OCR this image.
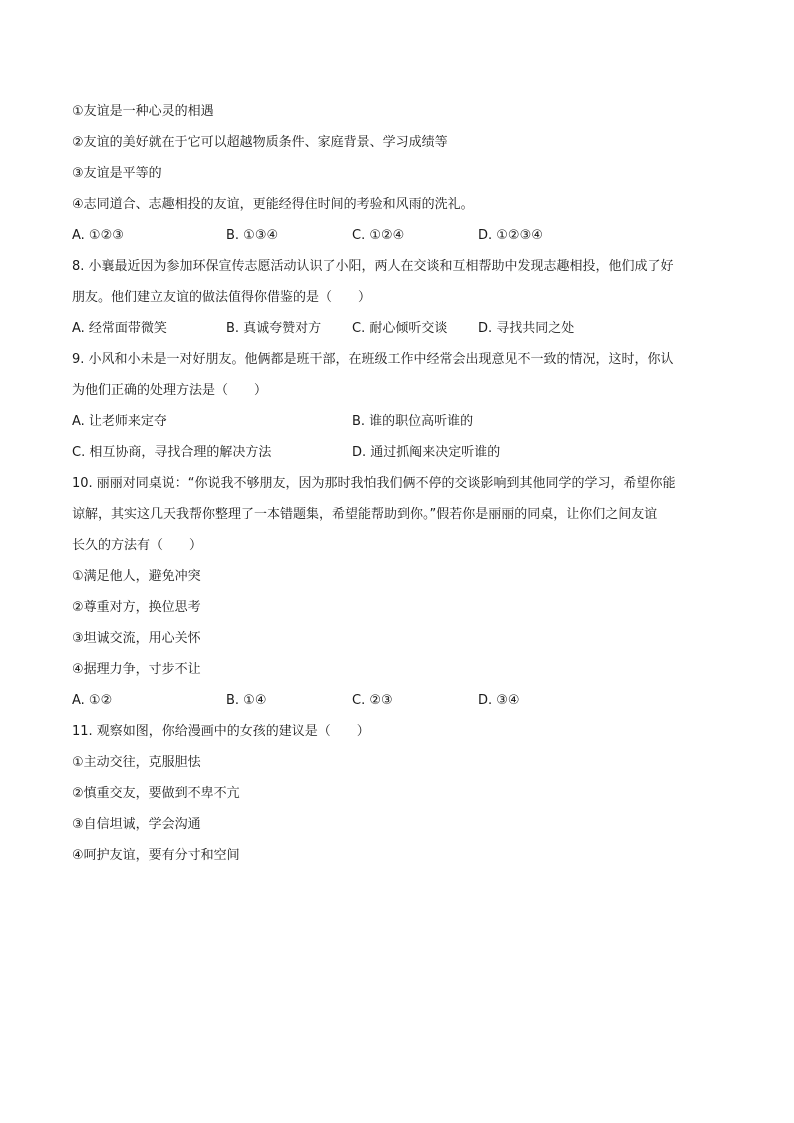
①友谊是一种心灵的相遇
②友谊的美好就在于它可以超越物质条件、家庭背景、学习成绩等
③友谊是平等的
④志同道合、志趣相投的友谊，更能经得住时间的考验和风雨的洗礼。
A. ①②③	B. ①③④	C. ①②④	D. ①②③④
8. 小襄最近因为参加环保宣传志愿活动认识了小阳，两人在交谈和互相帮助中发现志趣相投，他们成了好
朋友。他们建立友谊的做法值得你借鉴的是（　　）
A. 经常面带微笑	B. 真诚夸赞对方 C. 耐心倾听交谈 D. 寻找共同之处
9. 小风和小未是一对好朋友。他俩都是班干部，在班级工作中经常会出现意见不一致的情况，这时，你认
为他们正确的处理方法是（　　）
A. 让老师来定夺	B. 谁的职位高听谁的
C. 相互协商，寻找合理的解决方法	D. 通过抓阄来决定听谁的
10. 丽丽对同桌说：“你说我不够朋友，因为那时我怕我们俩不停的交谈影响到其他同学的学习，希望你能
谅解，其实这几天我帮你整理了一本错题集，希望能帮助到你。”假若你是丽丽的同桌，让你们之间友谊
长久的方法有（　　）
①满足他人，避免冲突
②尊重对方，换位思考
③坦诚交流，用心关怀
④据理力争，寸步不让
A. ①②	B. ①④	C. ②③	D. ③④
11. 观察如图，你给漫画中的女孩的建议是（　　）
①主动交往，克服胆怯
②慎重交友，要做到不卑不亢
③自信坦诚，学会沟通
④呵护友谊，要有分寸和空间
